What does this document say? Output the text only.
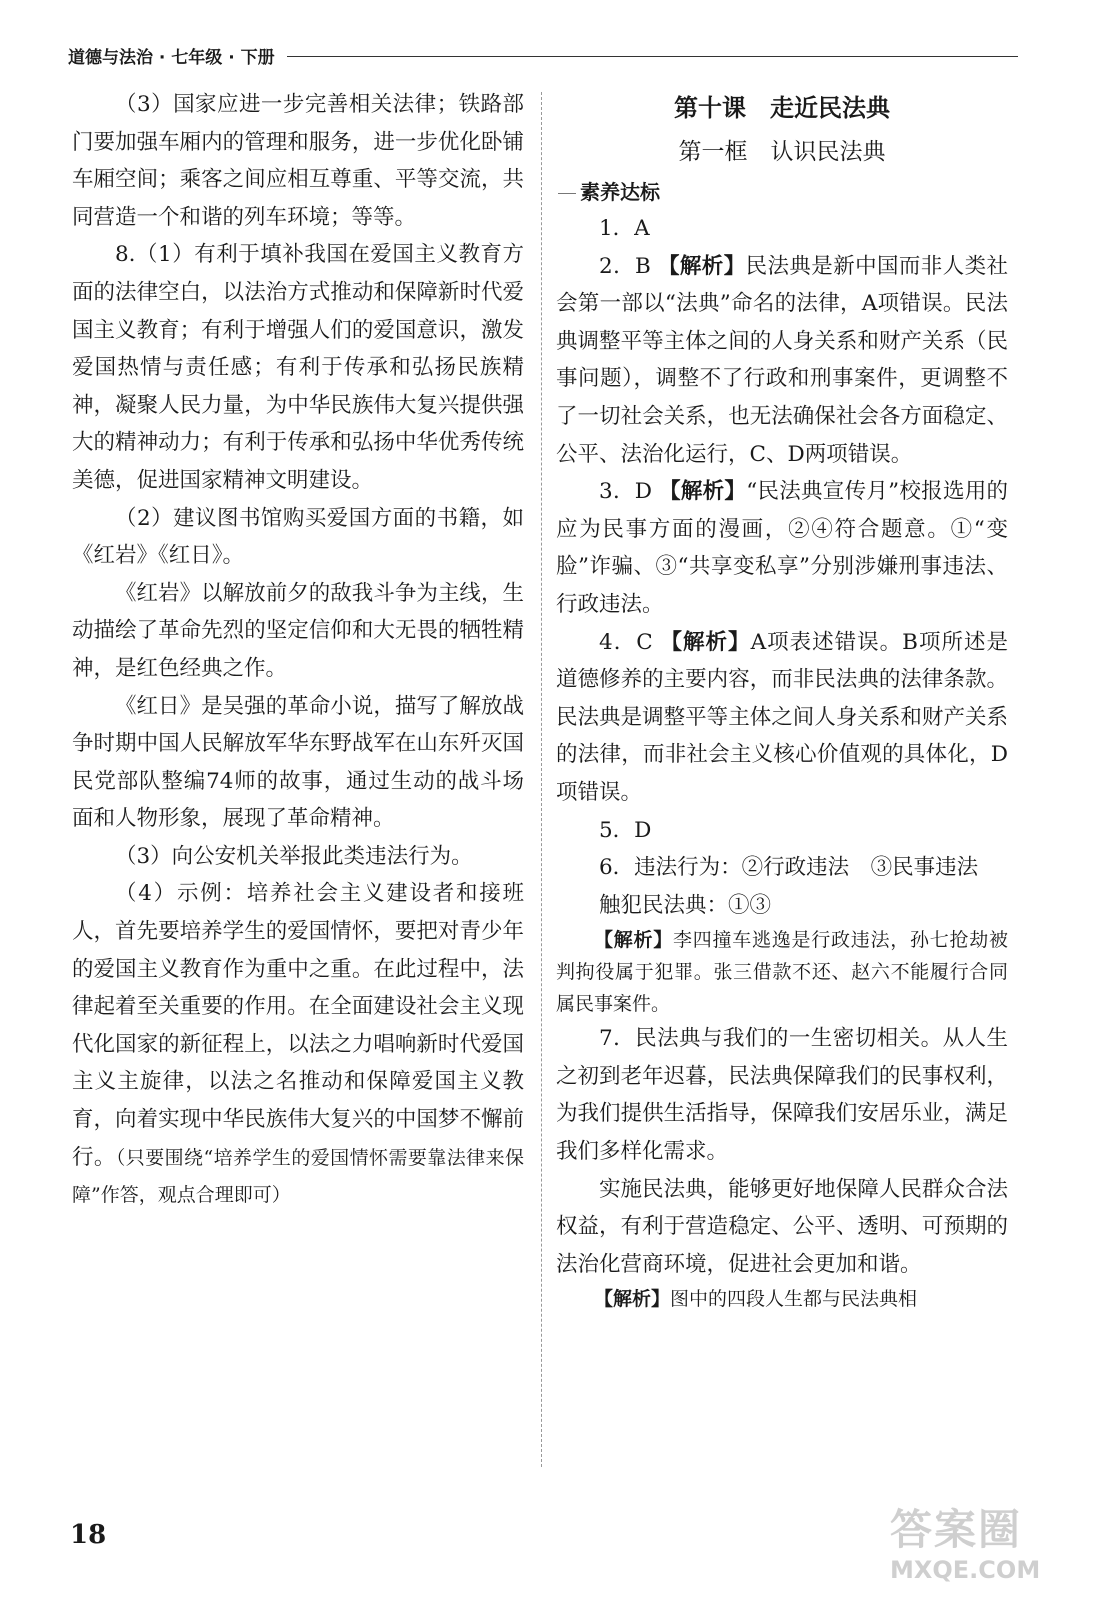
道德与法治 · 七年级 · 下册

（3）国家应进一步完善相关法律；铁路部门要加强车厢内的管理和服务，进一步优化卧铺车厢空间；乘客之间应相互尊重、平等交流，共同营造一个和谐的列车环境；等等。

8.（1）有利于填补我国在爱国主义教育方面的法律空白，以法治方式推动和保障新时代爱国主义教育；有利于增强人们的爱国意识，激发爱国热情与责任感；有利于传承和弘扬民族精神，凝聚人民力量，为中华民族伟大复兴提供强大的精神动力；有利于传承和弘扬中华优秀传统美德，促进国家精神文明建设。

（2）建议图书馆购买爱国方面的书籍，如《红岩》《红日》。

《红岩》以解放前夕的敌我斗争为主线，生动描绘了革命先烈的坚定信仰和大无畏的牺牲精神，是红色经典之作。

《红日》是吴强的革命小说，描写了解放战争时期中国人民解放军华东野战军在山东歼灭国民党部队整编74师的故事，通过生动的战斗场面和人物形象，展现了革命精神。

（3）向公安机关举报此类违法行为。

（4）示例：培养社会主义建设者和接班人，首先要培养学生的爱国情怀，要把对青少年的爱国主义教育作为重中之重。在此过程中，法律起着至关重要的作用。在全面建设社会主义现代化国家的新征程上，以法之力唱响新时代爱国主义主旋律，以法之名推动和保障爱国主义教育，向着实现中华民族伟大复兴的中国梦不懈前行。（只要围绕“培养学生的爱国情怀需要靠法律来保障”作答，观点合理即可）

第十课　走近民法典

第一框　认识民法典

素养达标

1．A

2．B 【解析】民法典是新中国而非人类社会第一部以“法典”命名的法律，A项错误。民法典调整平等主体之间的人身关系和财产关系（民事问题），调整不了行政和刑事案件，更调整不了一切社会关系，也无法确保社会各方面稳定、公平、法治化运行，C、D两项错误。

3．D 【解析】“民法典宣传月”校报选用的应为民事方面的漫画，②④符合题意。①“变脸”诈骗、③“共享变私享”分别涉嫌刑事违法、行政违法。

4．C 【解析】A项表述错误。B项所述是道德修养的主要内容，而非民法典的法律条款。民法典是调整平等主体之间人身关系和财产关系的法律，而非社会主义核心价值观的具体化，D项错误。

5．D

6．违法行为：②行政违法　③民事违法

触犯民法典：①③

【解析】李四撞车逃逸是行政违法，孙七抢劫被判拘役属于犯罪。张三借款不还、赵六不能履行合同属民事案件。

7．民法典与我们的一生密切相关。从人生之初到老年迟暮，民法典保障我们的民事权利，为我们提供生活指导，保障我们安居乐业，满足我们多样化需求。

实施民法典，能够更好地保障人民群众合法权益，有利于营造稳定、公平、透明、可预期的法治化营商环境，促进社会更加和谐。

【解析】图中的四段人生都与民法典相

18	答案圈
MXQE.COM
